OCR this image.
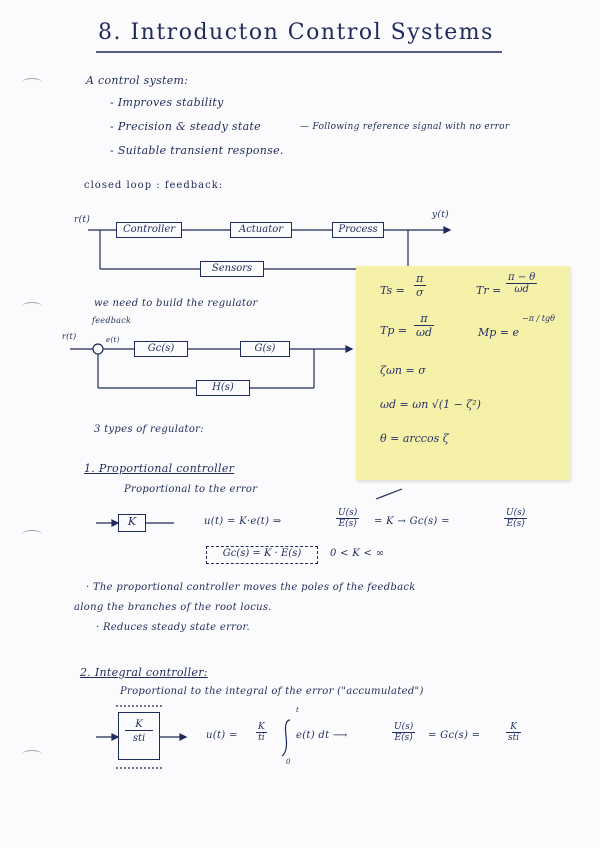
8. Introducton Control Systems
A control system:
- Improves stability
- Precision & steady state	— Following reference signal with no error
- Suitable transient response.
closed loop : feedback:
r(t)	y(t)
Controller	Actuator	Process
Sensors
we need to build the regulator
feedback
r(t)	e(t)
Gc(s)	G(s)
H(s)
3 types of regulator:
1. Proportional controller
Proportional to the error
K	u(t) = K·e(t) ⇒	$\frac{U(s)}{E(s)} = K \to Gc(s)$ =	$\frac{U(s)}{E(s)}$
Gc(s) = K · E(s)	0 < K < ∞
· The proportional controller moves the poles of the feedback
along the branches of the root locus.
· Reduces steady state error.
2. Integral controller:
Proportional to the integral of the error ("accumulated")
K
sti	$u(t) = \frac{K}{ti}$
t
0
e(t) dt ⟶	$\frac{U(s)}{E(s)} = Gc(s)$ =
K
sti
$Ts = \frac{\pi}{\sigma}$	$Tr = \frac{\pi - \theta}{\omega d}$
$Tp = \frac{\pi}{\omega d}$	Mp = e
−π / tgθ
ζωn = σ
ωd = ωn √(1 − ζ²)
θ = arccos ζ
